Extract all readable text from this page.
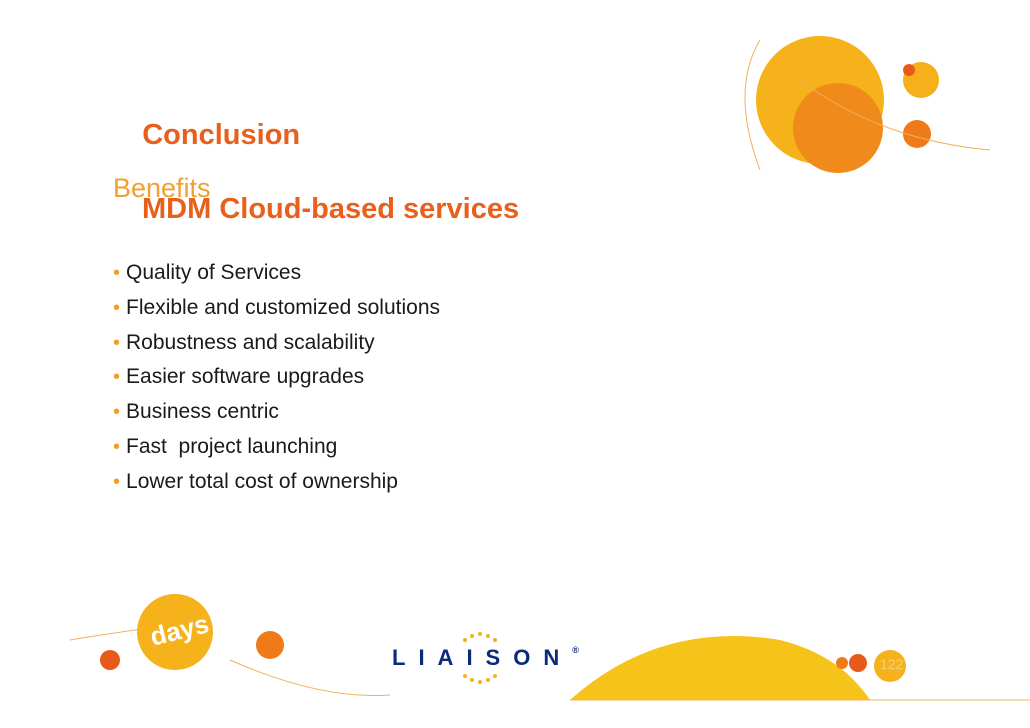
Conclusion

MDM Cloud-based services

Benefits
• Quality of Services
• Flexible and customized solutions
• Robustness and scalability
• Easier software upgrades
• Business centric
• Fast  project launching
• Lower total cost of ownership
days
LIAISON®
122
